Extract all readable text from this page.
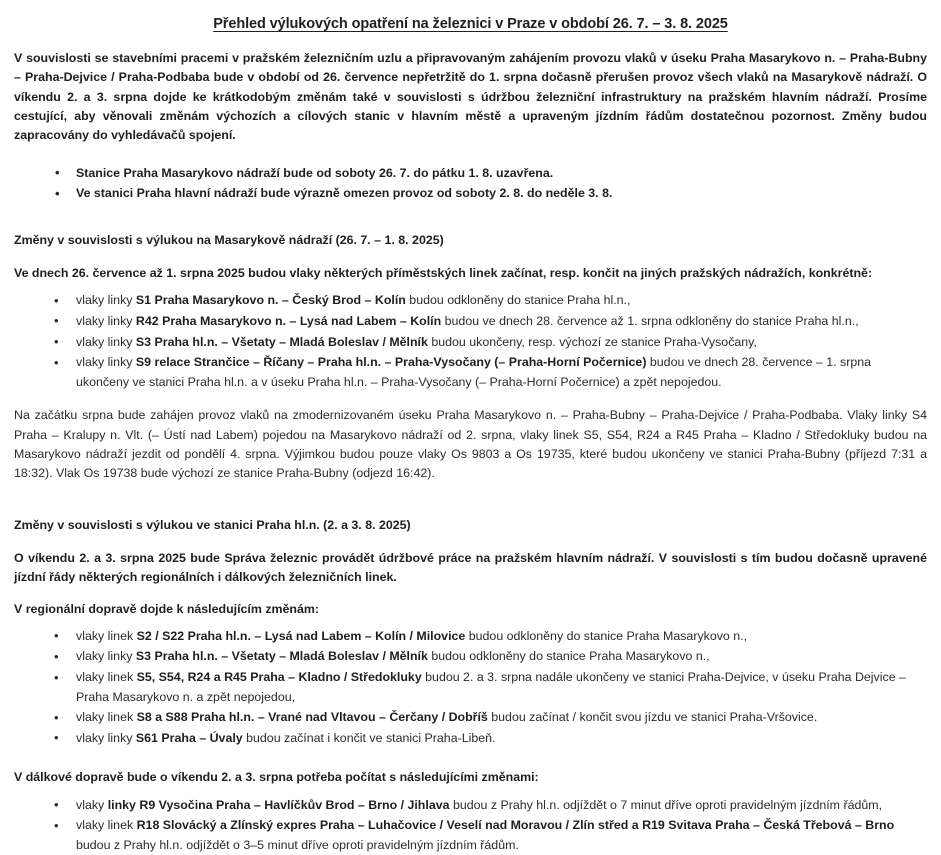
Přehled výlukových opatření na železnici v Praze v období 26. 7. – 3. 8. 2025

V souvislosti se stavebními pracemi v pražském železničním uzlu a připravovaným zahájením provozu vlaků v úseku Praha Masarykovo n. – Praha-Bubny – Praha-Dejvice / Praha-Podbaba bude v období od 26. července nepřetržitě do 1. srpna dočasně přerušen provoz všech vlaků na Masarykově nádraží. O víkendu 2. a 3. srpna dojde ke krátkodobým změnám také v souvislosti s údržbou železniční infrastruktury na pražském hlavním nádraží. Prosíme cestující, aby věnovali změnám výchozích a cílových stanic v hlavním městě a upraveným jízdním řádům dostatečnou pozornost. Změny budou zapracovány do vyhledávačů spojení.

• Stanice Praha Masarykovo nádraží bude od soboty 26. 7. do pátku 1. 8. uzavřena.
• Ve stanici Praha hlavní nádraží bude výrazně omezen provoz od soboty 2. 8. do neděle 3. 8.

Změny v souvislosti s výlukou na Masarykově nádraží (26. 7. – 1. 8. 2025)

Ve dnech 26. července až 1. srpna 2025 budou vlaky některých příměstských linek začínat, resp. končit na jiných pražských nádražích, konkrétně:

• vlaky linky S1 Praha Masarykovo n. – Český Brod – Kolín budou odkloněny do stanice Praha hl.n.,
• vlaky linky R42 Praha Masarykovo n. – Lysá nad Labem – Kolín budou ve dnech 28. července až 1. srpna odkloněny do stanice Praha hl.n.,
• vlaky linky S3 Praha hl.n. – Všetaty – Mladá Boleslav / Mělník budou ukončeny, resp. výchozí ze stanice Praha-Vysočany,
• vlaky linky S9 relace Strančice – Říčany – Praha hl.n. – Praha-Vysočany (– Praha-Horní Počernice) budou ve dnech 28. července – 1. srpna ukončeny ve stanici Praha hl.n. a v úseku Praha hl.n. – Praha-Vysočany (– Praha-Horní Počernice) a zpět nepojedou.

Na začátku srpna bude zahájen provoz vlaků na zmodernizovaném úseku Praha Masarykovo n. – Praha-Bubny – Praha-Dejvice / Praha-Podbaba. Vlaky linky S4 Praha – Kralupy n. Vlt. (– Ústí nad Labem) pojedou na Masarykovo nádraží od 2. srpna, vlaky linek S5, S54, R24 a R45 Praha – Kladno / Středokluky budou na Masarykovo nádraží jezdit od pondělí 4. srpna. Výjimkou budou pouze vlaky Os 9803 a Os 19735, které budou ukončeny ve stanici Praha-Bubny (příjezd 7:31 a 18:32). Vlak Os 19738 bude výchozí ze stanice Praha-Bubny (odjezd 16:42).

Změny v souvislosti s výlukou ve stanici Praha hl.n. (2. a 3. 8. 2025)

O víkendu 2. a 3. srpna 2025 bude Správa železnic provádět údržbové práce na pražském hlavním nádraží. V souvislosti s tím budou dočasně upravené jízdní řády některých regionálních i dálkových železničních linek.

V regionální dopravě dojde k následujícím změnám:

• vlaky linek S2 / S22 Praha hl.n. – Lysá nad Labem – Kolín / Milovice budou odkloněny do stanice Praha Masarykovo n.,
• vlaky linky S3 Praha hl.n. – Všetaty – Mladá Boleslav / Mělník budou odkloněny do stanice Praha Masarykovo n.,
• vlaky linek S5, S54, R24 a R45 Praha – Kladno / Středokluky budou 2. a 3. srpna nadále ukončeny ve stanici Praha-Dejvice, v úseku Praha Dejvice – Praha Masarykovo n. a zpět nepojedou,
• vlaky linek S8 a S88 Praha hl.n. – Vrané nad Vltavou – Čerčany / Dobříš budou začínat / končit svou jízdu ve stanici Praha-Vršovice.
• vlaky linky S61 Praha – Úvaly budou začínat i končit ve stanici Praha-Libeň.

V dálkové dopravě bude o víkendu 2. a 3. srpna potřeba počítat s následujícími změnami:

• vlaky linky R9 Vysočina Praha – Havlíčkův Brod – Brno / Jihlava budou z Prahy hl.n. odjíždět o 7 minut dříve oproti pravidelným jízdním řádům,
• vlaky linek R18 Slovácký a Zlínský expres Praha – Luhačovice / Veselí nad Moravou / Zlín střed a R19 Svitava Praha – Česká Třebová – Brno budou z Prahy hl.n. odjíždět o 3–5 minut dříve oproti pravidelným jízdním řádům.
